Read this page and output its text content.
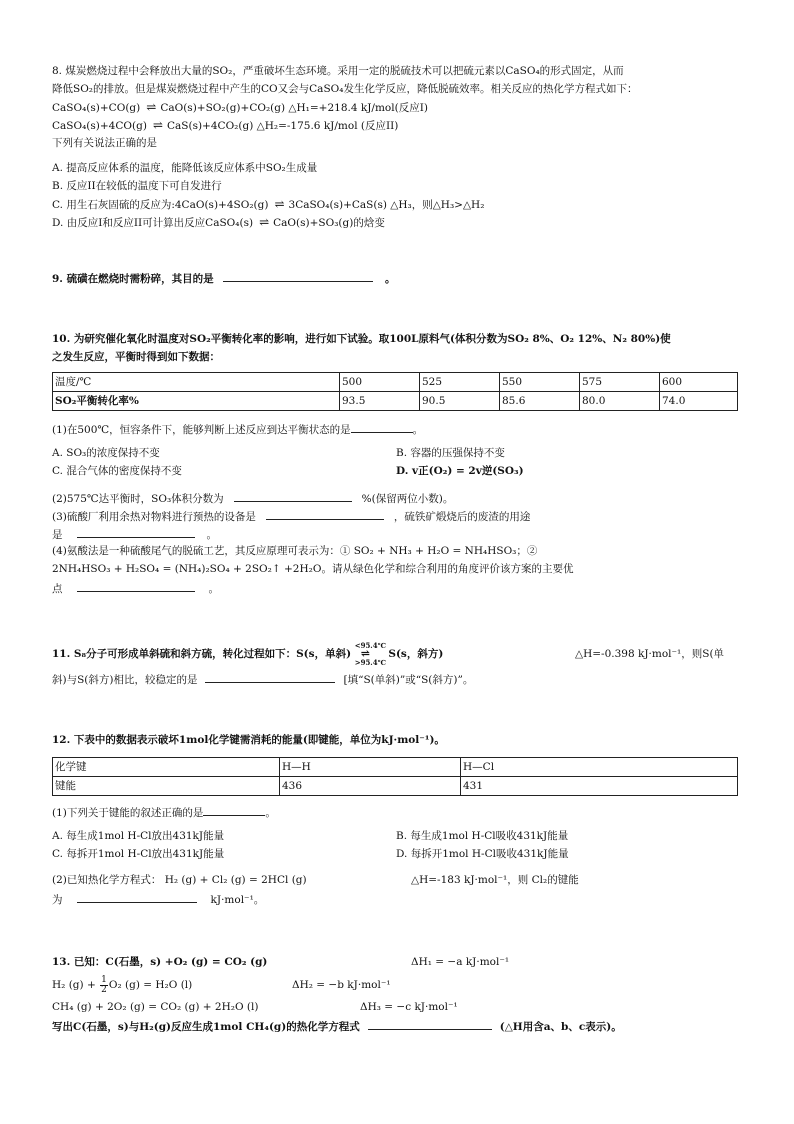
8. 煤炭燃烧过程中会释放出大量的SO₂，严重破坏生态环境。采用一定的脱硫技术可以把硫元素以CaSO₄的形式固定，从而
降低SO₂的排放。但是煤炭燃烧过程中产生的CO又会与CaSO₄发生化学反应，降低脱硫效率。相关反应的热化学方程式如下：
CaSO₄(s)+CO(g) ⇌ CaO(s)+SO₂(g)+CO₂(g) △H₁=+218.4 kJ/mol(反应I)
CaSO₄(s)+4CO(g) ⇌ CaS(s)+4CO₂(g) △H₂=-175.6 kJ/mol (反应II)
下列有关说法正确的是
A. 提高反应体系的温度，能降低该反应体系中SO₂生成量
B. 反应II在较低的温度下可自发进行
C. 用生石灰固硫的反应为:4CaO(s)+4SO₂(g) ⇌ 3CaSO₄(s)+CaS(s) △H₃，则△H₃>△H₂
D. 由反应I和反应II可计算出反应CaSO₄(s) ⇌ CaO(s)+SO₃(g)的焓变
9. 硫磺在燃烧时需粉碎，其目的是	。
10. 为研究催化氧化时温度对SO₂平衡转化率的影响，进行如下试验。取100L原料气(体积分数为SO₂ 8%、O₂ 12%、N₂ 80%)使
之发生反应，平衡时得到如下数据：
温度/℃	500	525	550	575	600
SO₂平衡转化率%	93.5	90.5	85.6	80.0	74.0
(1)在500℃，恒容条件下，能够判断上述反应到达平衡状态的是	。
A. SO₃的浓度保持不变	B. 容器的压强保持不变
C. 混合气体的密度保持不变	D. v正(O₂) = 2v逆(SO₃)
(2)575℃达平衡时，SO₃体积分数为	%(保留两位小数)。
(3)硫酸厂利用余热对物料进行预热的设备是	，硫铁矿煅烧后的废渣的用途
是	。
(4)氨酸法是一种硫酸尾气的脱硫工艺，其反应原理可表示为：① SO₂ + NH₃ + H₂O = NH₄HSO₃；②
2NH₄HSO₃ + H₂SO₄ = (NH₄)₂SO₄ + 2SO₂↑ +2H₂O。请从绿色化学和综合利用的角度评价该方案的主要优
点	。
11. S₈分子可形成单斜硫和斜方硫，转化过程如下：S(s，单斜)
<95.4℃
⇌
>95.4℃
S(s，斜方)	△H=-0.398 kJ·mol⁻¹，则S(单
斜)与S(斜方)相比，较稳定的是	[填“S(单斜)”或“S(斜方)”。
12. 下表中的数据表示破坏1mol化学键需消耗的能量(即键能，单位为kJ·mol⁻¹)。
化学键	H—H	H—Cl
键能	436	431
(1)下列关于键能的叙述正确的是	。
A. 每生成1mol H-Cl放出431kJ能量	B. 每生成1mol H-Cl吸收431kJ能量
C. 每拆开1mol H-Cl放出431kJ能量	D. 每拆开1mol H-Cl吸收431kJ能量
(2)已知热化学方程式： H₂ (g) + Cl₂ (g) = 2HCl (g)	△H=-183 kJ·mol⁻¹，则 Cl₂的键能
为	kJ·mol⁻¹。
13. 已知：C(石墨，s) +O₂ (g) = CO₂ (g)	ΔH₁ = −a kJ·mol⁻¹
H₂ $(g) + \frac{1}{2} O_2$ (g) = H₂O (l)	ΔH₂ = −b kJ·mol⁻¹
CH₄ (g) + 2O₂ (g) = CO₂ (g) + 2H₂O (l)	ΔH₃ = −c kJ·mol⁻¹
写出C(石墨，s)与H₂(g)反应生成1mol CH₄(g)的热化学方程式	(△H用含a、b、c表示)。
